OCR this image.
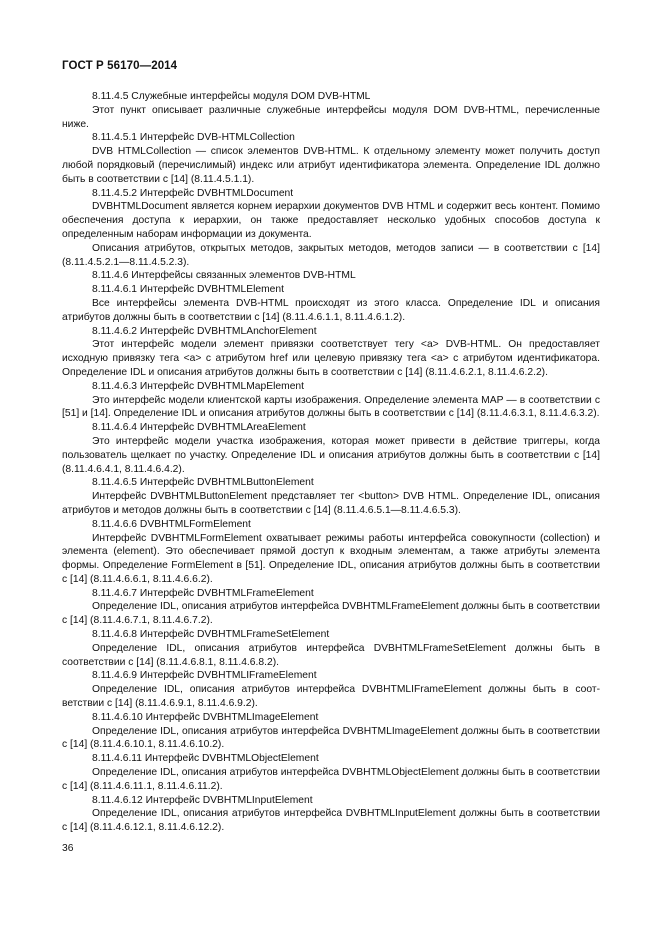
ГОСТ Р 56170—2014

8.11.4.5 Служебные интерфейсы модуля DOM DVB-HTML

Этот пункт описывает различные служебные интерфейсы модуля DOM DVB-HTML, перечисленные ниже.

8.11.4.5.1 Интерфейс DVB-HTMLCollection

DVB HTMLCollection — список элементов DVB-HTML. К отдельному элементу может получить доступ любой порядковый (перечислимый) индекс или атрибут идентификатора элемента. Определение IDL должно быть в соответствии с [14] (8.11.4.5.1.1).

8.11.4.5.2 Интерфейс DVBHTMLDocument

DVBHTMLDocument является корнем иерархии документов DVB HTML и содержит весь контент. Помимо обеспечения доступа к иерархии, он также предоставляет несколько удобных способов доступа к определенным наборам информации из документа.

Описания атрибутов, открытых методов, закрытых методов, методов записи — в соответствии с [14] (8.11.4.5.2.1—8.11.4.5.2.3).

8.11.4.6 Интерфейсы связанных элементов DVB-HTML

8.11.4.6.1 Интерфейс DVBHTMLElement

Все интерфейсы элемента DVB-HTML происходят из этого класса. Определение IDL и описания атрибутов должны быть в соответствии с [14] (8.11.4.6.1.1, 8.11.4.6.1.2).

8.11.4.6.2 Интерфейс DVBHTMLAnchorElement

Этот интерфейс модели элемент привязки соответствует тегу <a> DVB-HTML. Он предоставляет исходную привязку тега <a> с атрибутом href или целевую привязку тега <a> с атрибутом идентификатора. Определение IDL и описания атрибутов должны быть в соответствии с [14] (8.11.4.6.2.1, 8.11.4.6.2.2).

8.11.4.6.3 Интерфейс DVBHTMLMapElement

Это интерфейс модели клиентской карты изображения. Определение элемента MAP — в соответствии с [51] и [14]. Определение IDL и описания атрибутов должны быть в соответствии с [14] (8.11.4.6.3.1, 8.11.4.6.3.2).

8.11.4.6.4 Интерфейс DVBHTMLAreaElement

Это интерфейс модели участка изображения, которая может привести в действие триггеры, когда пользователь щелкает по участку. Определение IDL и описания атрибутов должны быть в соответствии с [14] (8.11.4.6.4.1, 8.11.4.6.4.2).

8.11.4.6.5 Интерфейс DVBHTMLButtonElement

Интерфейс DVBHTMLButtonElement представляет тег <button> DVB HTML. Определение IDL, описания атрибутов и методов должны быть в соответствии с [14] (8.11.4.6.5.1—8.11.4.6.5.3).

8.11.4.6.6 DVBHTMLFormElement

Интерфейс DVBHTMLFormElement охватывает режимы работы интерфейса совокупности (collection) и элемента (element). Это обеспечивает прямой доступ к входным элементам, а также атрибуты элемента формы. Определение FormElement в [51]. Определение IDL, описания атрибутов должны быть в соответствии с [14] (8.11.4.6.6.1, 8.11.4.6.6.2).

8.11.4.6.7 Интерфейс DVBHTMLFrameElement

Определение IDL, описания атрибутов интерфейса DVBHTMLFrameElement должны быть в соответствии с [14] (8.11.4.6.7.1, 8.11.4.6.7.2).

8.11.4.6.8 Интерфейс DVBHTMLFrameSetElement

Определение IDL, описания атрибутов интерфейса DVBHTMLFrameSetElement должны быть в соответствии с [14] (8.11.4.6.8.1, 8.11.4.6.8.2).

8.11.4.6.9 Интерфейс DVBHTMLIFrameElement

Определение IDL, описания атрибутов интерфейса DVBHTMLIFrameElement должны быть в соответствии с [14] (8.11.4.6.9.1, 8.11.4.6.9.2).

8.11.4.6.10 Интерфейс DVBHTMLImageElement

Определение IDL, описания атрибутов интерфейса DVBHTMLImageElement должны быть в соответствии с [14] (8.11.4.6.10.1, 8.11.4.6.10.2).

8.11.4.6.11 Интерфейс DVBHTMLObjectElement

Определение IDL, описания атрибутов интерфейса DVBHTMLObjectElement должны быть в соответствии с [14] (8.11.4.6.11.1, 8.11.4.6.11.2).

8.11.4.6.12 Интерфейс DVBHTMLInputElement

Определение IDL, описания атрибутов интерфейса DVBHTMLInputElement должны быть в соответствии с [14] (8.11.4.6.12.1, 8.11.4.6.12.2).

36
